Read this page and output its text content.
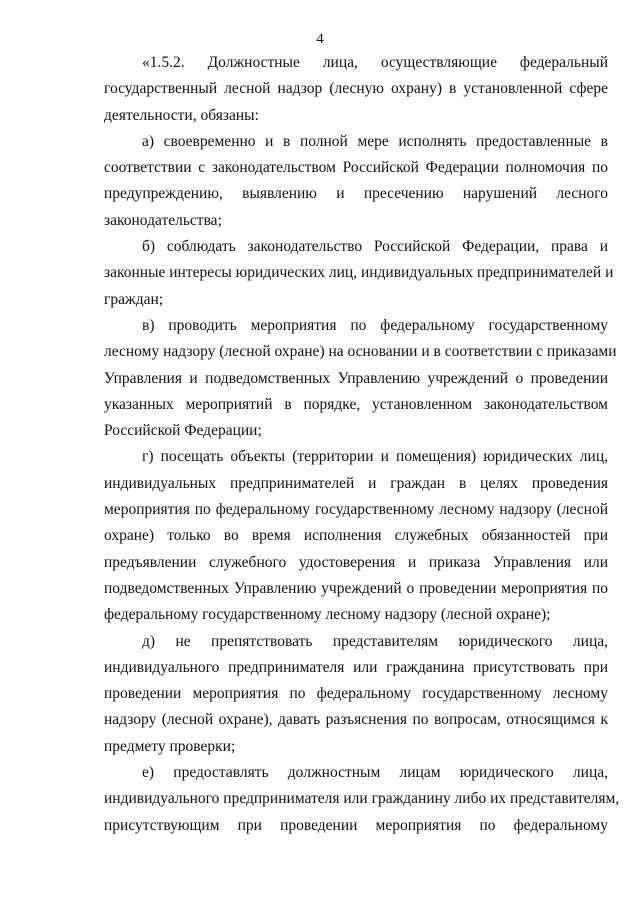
4
«1.5.2. Должностные лица, осуществляющие федеральный
государственный лесной надзор (лесную охрану) в установленной сфере
деятельности, обязаны:
а) своевременно и в полной мере исполнять предоставленные в
соответствии с законодательством Российской Федерации полномочия по
предупреждению, выявлению и пресечению нарушений лесного
законодательства;
б) соблюдать законодательство Российской Федерации, права и
законные интересы юридических лиц, индивидуальных предпринимателей и
граждан;
в) проводить мероприятия по федеральному государственному
лесному надзору (лесной охране) на основании и в соответствии с приказами
Управления и подведомственных Управлению учреждений о проведении
указанных мероприятий в порядке, установленном законодательством
Российской Федерации;
г) посещать объекты (территории и помещения) юридических лиц,
индивидуальных предпринимателей и граждан в целях проведения
мероприятия по федеральному государственному лесному надзору (лесной
охране) только во время исполнения служебных обязанностей при
предъявлении служебного удостоверения и приказа Управления или
подведомственных Управлению учреждений о проведении мероприятия по
федеральному государственному лесному надзору (лесной охране);
д) не препятствовать представителям юридического лица,
индивидуального предпринимателя или гражданина присутствовать при
проведении мероприятия по федеральному государственному лесному
надзору (лесной охране), давать разъяснения по вопросам, относящимся к
предмету проверки;
е) предоставлять должностным лицам юридического лица,
индивидуального предпринимателя или гражданину либо их представителям,
присутствующим при проведении мероприятия по федеральному
